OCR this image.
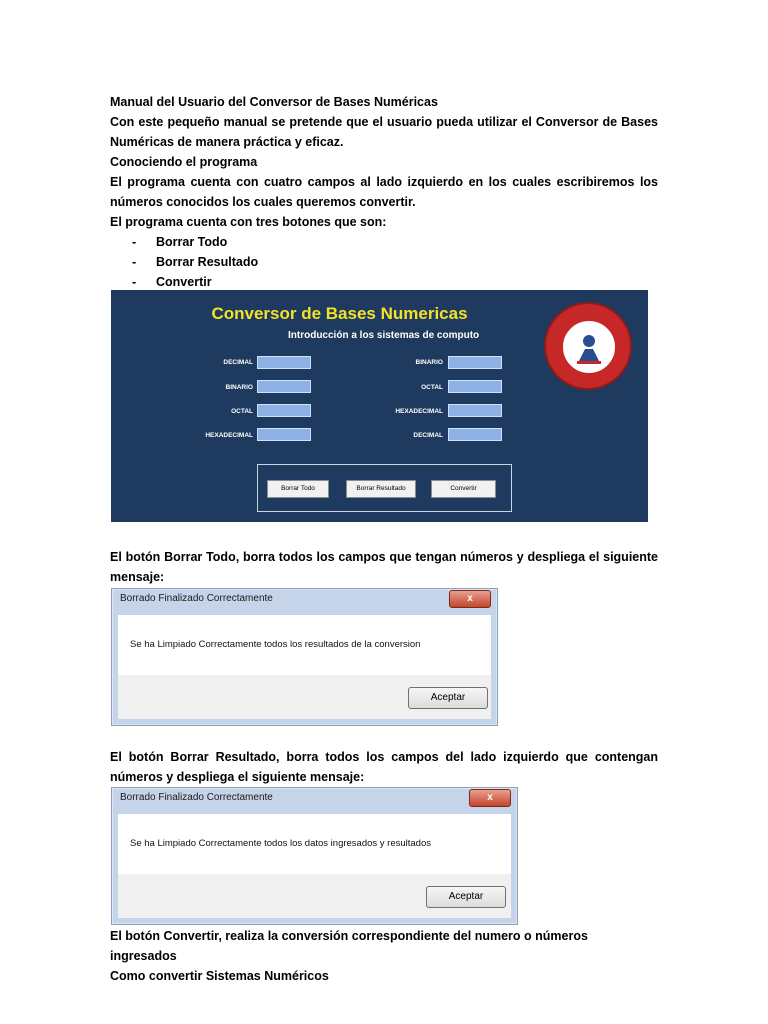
Manual del Usuario del Conversor de Bases Numéricas

Con este pequeño manual se pretende que el usuario pueda utilizar el Conversor de Bases Numéricas de manera práctica y eficaz.

Conociendo el programa

El programa cuenta con cuatro campos al lado izquierdo en los cuales escribiremos los números conocidos los cuales queremos convertir.

El programa cuenta con tres botones que son:

-	Borrar Todo
-	Borrar Resultado
-	Convertir
Conversor de Bases Numericas
Introducción a los sistemas de computo
DECIMAL
BINARIO
OCTAL
HEXADECIMAL
BINARIO
OCTAL
HEXADECIMAL
DECIMAL
Borrar Todo	Borrar Resultado	Convertir

El botón Borrar Todo, borra todos los campos que tengan números y despliega el siguiente mensaje:

Borrado Finalizado Correctamente	x
Se ha Limpiado Correctamente todos los resultados de la conversion
Aceptar

El botón Borrar Resultado, borra todos los campos del lado izquierdo que contengan números y despliega el siguiente mensaje:

Borrado Finalizado Correctamente	x
Se ha Limpiado Correctamente todos los datos ingresados y resultados
Aceptar

El botón Convertir, realiza la conversión correspondiente del numero o números ingresados

Como convertir Sistemas Numéricos
